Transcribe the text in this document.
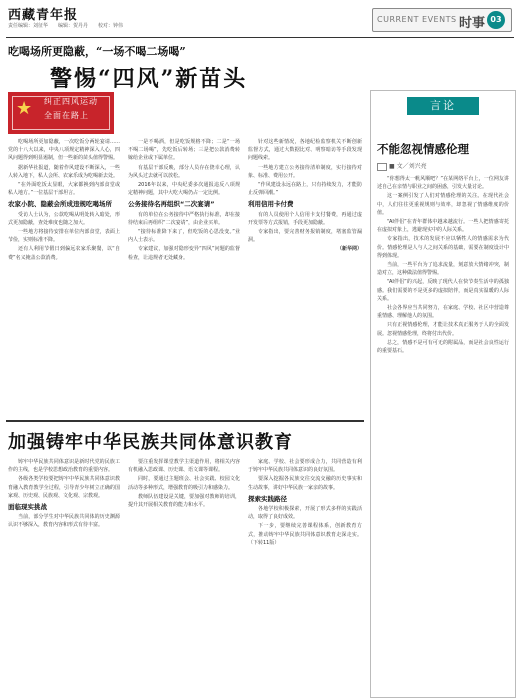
西藏青年报
责任编辑：刘征华　　编辑：贺丹丹　　校对：钟伟
CURRENT EVENTS 时事 03
吃喝场所更隐蔽，“一场不喝二场喝”
警惕“四风”新苗头
★ 纠正四风运动
全面在路上

吃喝场所更加隐蔽，一次吃饭分两轮宴请……党的十八大以来，中央八项规定精神深入人心，四风问题得到明显遏制，但一些新的苗头值得警惕。

据新华社报道，随着作风建设不断深入，一些人转入地下，私人会所、农家乐成为吃喝新去处。

“在外面吃饭太显眼，大家都换到内部食堂或私人地方。”一位基层干部坦言。

农家小院、隐蔽会所成违规吃喝场所

受访人士认为，公款吃喝从明处转入暗处，形式更加隐蔽，查处难度也随之加大。

一些地方将接待安排在单位内部食堂，表面上节俭，实则标准不降。

还有人利用节假日到偏远农家乐聚餐，以“自费”名义掩盖公款消费。

一是不喝酒，但是吃饭规格不降；二是“一场不喝二场喝”，先吃饭后转场；三是把公款消费转嫁给企业或下属单位。

有基层干部反映，部分人员存在侥幸心理，认为风头过去就可以放松。

2016年以来，中央纪委多次通报违反八项规定精神问题，其中大吃大喝仍占一定比例。

公务接待名再组织“二次宴请”

有的单位在公务接待中严格执行标准，却在接待结束后再组织“二次宴请”，由企业买单。

“接待标准降下来了，但吃饭的心思没变。”业内人士表示。

专家建议，加强对隐形变异“四风”问题的监督检查，让违规者无处藏身。

针对这些新情况，各地纪检监察机关不断创新监督方式，通过大数据比对、明察暗访等手段发现问题线索。

一些地方建立公务接待清单制度，实行接待对象、标准、费用公开。

“作风建设永远在路上，只有持续发力，才能防止反弹回潮。”

利用信用卡付费

有的人员使用个人信用卡支付餐费，再通过虚开发票等方式报销，手段更加隐蔽。

专家指出，要完善财务报销制度，堵塞监管漏洞。

（新华网）

加强铸牢中华民族共同体意识教育

铸牢中华民族共同体意识是新时代党的民族工作的主线，也是学校思想政治教育的重要内容。

各级各类学校要把铸牢中华民族共同体意识教育融入教育教学全过程，引导青少年树立正确的国家观、历史观、民族观、文化观、宗教观。

面临现实挑战

当前，部分学生对中华民族共同体的历史渊源认识不够深入，教育内容和形式有待丰富。

要注重发挥课堂教学主渠道作用，将相关内容有机融入思政课、历史课、语文课等课程。

同时，要通过主题班会、社会实践、校园文化活动等多种形式，增强教育的吸引力和感染力。

教师队伍建设是关键，要加强对教师的培训，提升其开展相关教育的能力和水平。

家庭、学校、社会要形成合力，共同营造有利于铸牢中华民族共同体意识的良好氛围。

要深入挖掘各民族交往交流交融的历史事实和生动故事，讲好中华民族一家亲的故事。

探索实践路径

各地学校积极探索，开展了形式多样的实践活动，取得了良好成效。

下一步，要继续完善课程体系，创新教育方式，推动铸牢中华民族共同体意识教育走深走实。（下转11版）

言论
不能忽视情感伦理
■ 文／刘兴亮

“你想得太一帆风顺吧？”在某网络平台上，一位网友讲述自己在亲情与职业之间的困惑，引发大量讨论。

这一案例引发了人们对情感伦理的关注。在现代社会中，人们往往更重视规则与效率，却忽视了情感维度的价值。

“AI伴侣”在青年群体中越来越流行。一些人把情感寄托在虚拟对象上，逃避现实中的人际关系。

专家指出，技术的发展不应以牺牲人的情感需求为代价。情感伦理是人与人之间关系的基础，需要在制度设计中得到体现。

当前，一些平台为了追求流量，刻意放大情绪冲突，制造对立，这种做法值得警惕。

“AI伴侣”的兴起，反映了现代人在快节奏生活中的孤独感。我们需要的不是更多的虚拟陪伴，而是真实温暖的人际关系。

社会各界应当共同努力，在家庭、学校、社区中营造尊重情感、理解他人的氛围。

只有正视情感伦理，才能让技术真正服务于人的全面发展。忽视情感伦理，终将付出代价。

总之，情感不是可有可无的附属品，而是社会良性运行的重要基石。
